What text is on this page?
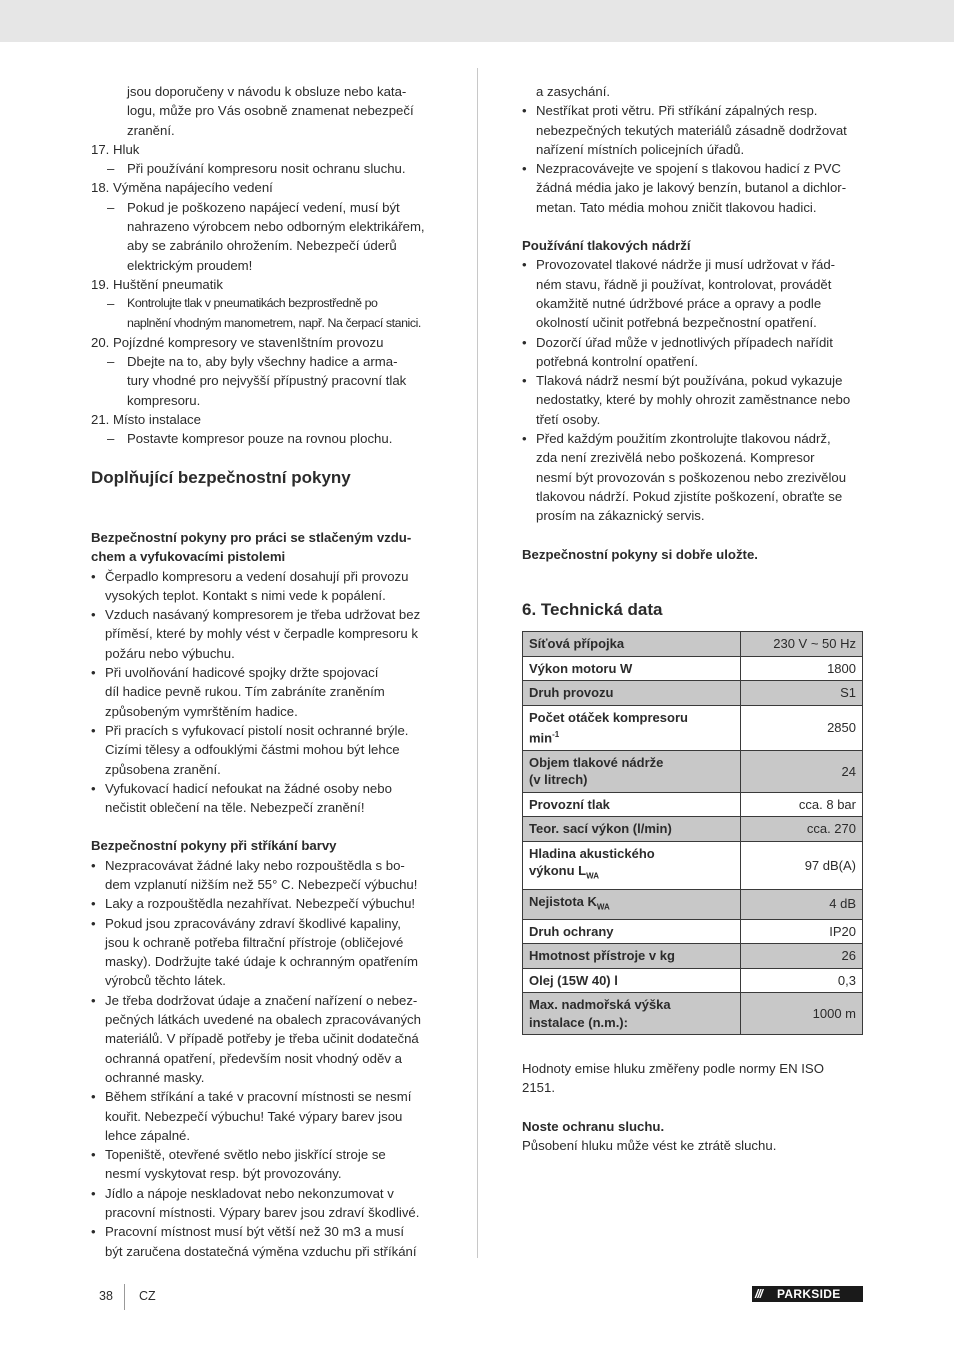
jsou doporučeny v návodu k obsluze nebo kata-
logu, může pro Vás osobně znamenat nebezpečí
zranění.
17. Hluk
– Při používání kompresoru nosit ochranu sluchu.
18. Výměna napájecího vedení
– Pokud je poškozeno napájecí vedení, musí být
nahrazeno výrobcem nebo odborným elektrikářem,
aby se zabránilo ohrožením. Nebezpečí úderů
elektrickým proudem!
19. Huštění pneumatik
–	Kontrolujte tlak v pneumatikách bezprostředně po
naplnění vhodným manometrem, např. Na čerpací stanici.
20. Pojízdné kompresory ve stavenIštním provozu
– Dbejte na to, aby byly všechny hadice a arma-
tury vhodné pro nejvyšší přípustný pracovní tlak
kompresoru.
21. Místo instalace
– Postavte kompresor pouze na rovnou plochu.

Doplňující bezpečnostní pokyny

Bezpečnostní pokyny pro práci se stlačeným vzdu-
chem a vyfukovacími pistolemi
• Čerpadlo kompresoru a vedení dosahují při provozu
vysokých teplot. Kontakt s nimi vede k popálení.
• Vzduch nasávaný kompresorem je třeba udržovat bez
příměsí, které by mohly vést v čerpadle kompresoru k
požáru nebo výbuchu.
• Při uvolňování hadicové spojky držte spojovací
díl hadice pevně rukou. Tím zabráníte zraněním
způsobeným vymrštěním hadice.
• Při pracích s vyfukovací pistolí nosit ochranné brýle.
Cizími tělesy a odfouklými částmi mohou být lehce
způsobena zranění.
• Vyfukovací hadicí nefoukat na žádné osoby nebo
nečistit oblečení na těle. Nebezpečí zranění!
Bezpečnostní pokyny při stříkání barvy
• Nezpracovávat žádné laky nebo rozpouštědla s bo-
dem vzplanutí nižším než 55° C. Nebezpečí výbuchu!
• Laky a rozpouštědla nezahřívat. Nebezpečí výbuchu!
• Pokud jsou zpracovávány zdraví škodlivé kapaliny,
jsou k ochraně potřeba filtrační přístroje (obličejové
masky). Dodržujte také údaje k ochranným opatřením
výrobců těchto látek.
• Je třeba dodržovat údaje a značení nařízení o nebez-
pečných látkách uvedené na obalech zpracovávaných
materiálů. V případě potřeby je třeba učinit dodatečná
ochranná opatření, především nosit vhodný oděv a
ochranné masky.
• Během stříkání a také v pracovní místnosti se nesmí
kouřit. Nebezpečí výbuchu! Také výpary barev jsou
lehce zápalné.
• Topeniště, otevřené světlo nebo jiskřící stroje se
nesmí vyskytovat resp. být provozovány.
• Jídlo a nápoje neskladovat nebo nekonzumovat v
pracovní místnosti. Výpary barev jsou zdraví škodlivé.
• Pracovní místnost musí být větší než 30 m3 a musí
být zaručena dostatečná výměna vzduchu při stříkání
a zasychání.
• Nestříkat proti větru. Při stříkání zápalných resp.
nebezpečných tekutých materiálů zásadně dodržovat
nařízení místních policejních úřadů.
• Nezpracovávejte ve spojení s tlakovou hadicí z PVC
žádná média jako je lakový benzín, butanol a dichlor-
metan. Tato média mohou zničit tlakovou hadici.
Používání tlakových nádrží
• Provozovatel tlakové nádrže ji musí udržovat v řád-
ném stavu, řádně ji používat, kontrolovat, provádět
okamžitě nutné údržbové práce a opravy a podle
okolností učinit potřebná bezpečnostní opatření.
• Dozorčí úřad může v jednotlivých případech nařídit
potřebná kontrolní opatření.
• Tlaková nádrž nesmí být používána, pokud vykazuje
nedostatky, které by mohly ohrozit zaměstnance nebo
třetí osoby.
• Před každým použitím zkontrolujte tlakovou nádrž,
zda není zrezivělá nebo poškozená. Kompresor
nesmí být provozován s poškozenou nebo zrezivělou
tlakovou nádrží. Pokud zjistíte poškození, obraťte se
prosím na zákaznický servis.
Bezpečnostní pokyny si dobře uložte.

6. Technická data

Síťová přípojka	230 V ~ 50 Hz

Výkon motoru W	1800

Druh provozu	S1

Počet otáček kompresoru
$\min^{-1}$	2850

Objem tlakové nádrže
(v litrech)	24

Provozní tlak	cca. 8 bar

Teor. sací výkon (l/min)	cca. 270

Hladina akustického
výkonu $L_{WA}$	97 dB(A)

Nejistota $K_{WA}$	4 dB

Druh ochrany	IP20

Hmotnost přístroje v kg	26

Olej (15W 40) l	0,3

Max. nadmořská výška
instalace (n.m.):	1000 m
Hodnoty emise hluku změřeny podle normy EN ISO
2151.
Noste ochranu sluchu.
Působení hluku může vést ke ztrátě sluchu.
38 CZ	/// PARKSIDE
